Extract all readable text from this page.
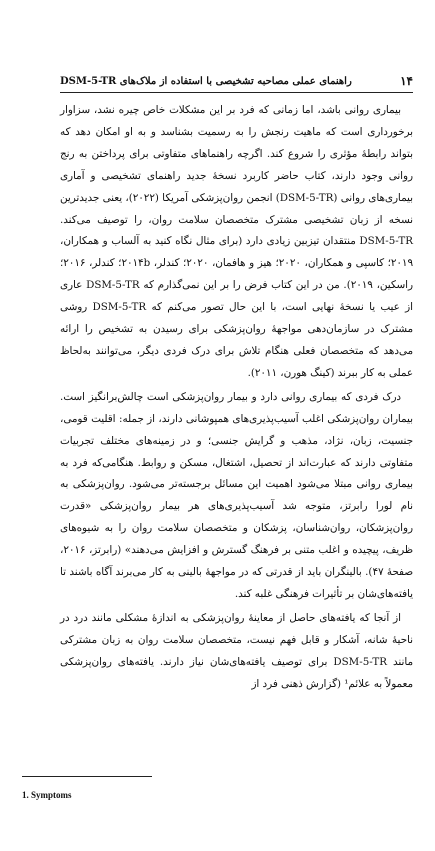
۱۴
راهنمای عملی مصاحبه تشخیصی با استفاده از ملاک‌های DSM-5-TR

بیماری روانی باشد، اما زمانی که فرد بر این مشکلات خاص چیره نشد، سزاوار برخورداری است که ماهیت رنجش را به رسمیت بشناسد و به او امکان دهد که بتواند رابطهٔ مؤثری را شروع کند. اگرچه راهنماهای متفاوتی برای پرداختن به رنج روانی وجود دارند، کتاب حاضر کاربرد نسخهٔ جدید راهنمای تشخیصی و آماری بیماری‌های روانی (DSM-5-TR) انجمن روان‌پزشکی آمریکا (۲۰۲۲)، یعنی جدیدترین نسخه از زبان تشخیصی مشترک متخصصان سلامت روان، را توصیف می‌کند. DSM-5-TR منتقدان تیزبین زیادی دارد (برای مثال نگاه کنید به آلساب و همکاران، ۲۰۱۹؛ کاسپی و همکاران، ۲۰۲۰؛ هیز و هافمان، ۲۰۲۰؛ کندلر، ۲۰۱۴b؛ کندلر، ۲۰۱۶؛ راسکین، ۲۰۱۹). من در این کتاب فرض را بر این نمی‌گذارم که DSM-5-TR عاری از عیب یا نسخهٔ نهایی است، با این حال تصور می‌کنم که DSM-5-TR روشی مشترک در سازمان‌دهی مواجههٔ روان‌پزشکی برای رسیدن به تشخیص را ارائه می‌دهد که متخصصان فعلی هنگام تلاش برای درک فردی دیگر، می‌توانند به‌لحاظ عملی به کار ببرند (کینگ هورن، ۲۰۱۱).

درک فردی که بیماری روانی دارد و بیمار روان‌پزشکی است چالش‌برانگیز است. بیماران روان‌پزشکی اغلب آسیب‌پذیری‌های همپوشانی دارند، از جمله: اقلیت قومی، جنسیت، زبان، نژاد، مذهب و گرایش جنسی؛ و در زمینه‌های مختلف تجربیات متفاوتی دارند که عبارت‌اند از تحصیل، اشتغال، مسکن و روابط. هنگامی‌که فرد به بیماری روانی مبتلا می‌شود اهمیت این مسائل برجسته‌تر می‌شود. روان‌پزشکی به نام لورا رابرتز، متوجه شد آسیب‌پذیری‌های هر بیمار روان‌پزشکی «قدرت روان‌پزشکان، روان‌شناسان، پزشکان و متخصصان سلامت روان را به شیوه‌های ظریف، پیچیده و اغلب متنی بر فرهنگ گسترش و افزایش می‌دهند» (رابرتز، ۲۰۱۶، صفحهٔ ۴۷). بالینگران باید از قدرتی که در مواجههٔ بالینی به کار می‌برند آگاه باشند تا یافته‌های‌شان بر تأثیرات فرهنگی غلبه کند.

از آنجا که یافته‌های حاصل از معاینهٔ روان‌پزشکی به اندازهٔ مشکلی مانند درد در ناحیهٔ شانه، آشکار و قابل فهم نیست، متخصصان سلامت روان به زبان مشترکی مانند DSM-5-TR برای توصیف یافته‌های‌شان نیاز دارند. یافته‌های روان‌پزشکی معمولاً به علائم¹ (گزارش ذهنی فرد از

1. Symptoms
